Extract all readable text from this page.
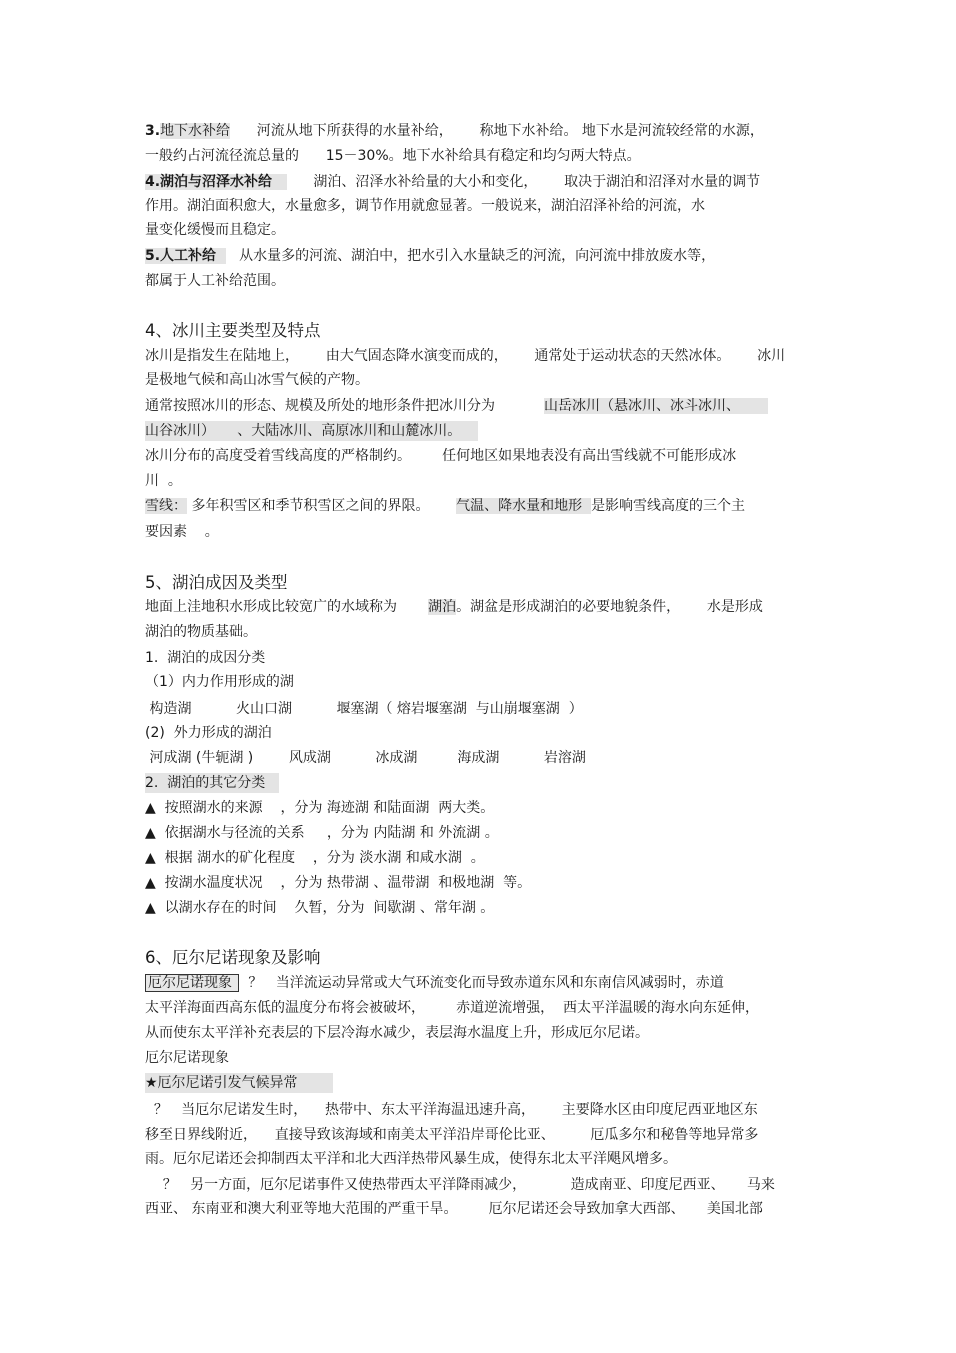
3.地下水补给      河流从地下所获得的水量补给，      称地下水补给。 地下水是河流较经常的水源，
一般约占河流径流总量的      15－30%。地下水补给具有稳定和均匀两大特点。
4.湖泊与沼泽水补给         湖泊、沼泽水补给量的大小和变化，      取决于湖泊和沼泽对水量的调节
作用。湖泊面积愈大，水量愈多，调节作用就愈显著。一般说来，湖泊沼泽补给的河流，水
量变化缓慢而且稳定。
5.人工补给     从水量多的河流、湖泊中，把水引入水量缺乏的河流，向河流中排放废水等，
都属于人工补给范围。
4、冰川主要类型及特点
冰川是指发生在陆地上，      由大气固态降水演变而成的，      通常处于运动状态的天然冰体。      冰川
是极地气候和高山冰雪气候的产物。
通常按照冰川的形态、规模及所处的地形条件把冰川分为           山岳冰川（悬冰川、冰斗冰川、
山谷冰川）     、大陆冰川、高原冰川和山麓冰川。
冰川分布的高度受着雪线高度的严格制约。       任何地区如果地表没有高出雪线就不可能形成冰
川  。
雪线： 多年积雪区和季节积雪区之间的界限。      气温、降水量和地形  是影响雪线高度的三个主
要因素    。
5、湖泊成因及类型
地面上洼地积水形成比较宽广的水域称为       湖泊。湖盆是形成湖泊的必要地貌条件，      水是形成
湖泊的物质基础。
1.  湖泊的成因分类
（1）内力作用形成的湖
构造湖          火山口湖          堰塞湖（ 熔岩堰塞湖  与山崩堰塞湖  ）
(2)  外力形成的湖泊
河成湖 (牛轭湖 )        风成湖          冰成湖         海成湖          岩溶湖
2.  湖泊的其它分类
▲  按照湖水的来源    ，分为 海迹湖 和陆面湖  两大类。
▲  依据湖水与径流的关系     ，分为 内陆湖 和 外流湖 。
▲  根据 湖水的矿化程度    ，分为 淡水湖 和咸水湖  。
▲  按湖水温度状况    ，分为 热带湖 、温带湖  和极地湖  等。
▲  以湖水存在的时间    久暂，分为  间歇湖 、常年湖 。
6、厄尔尼诺现象及影响
厄尔尼诺现象   ？   当洋流运动异常或大气环流变化而导致赤道东风和东南信风减弱时，赤道
太平洋海面西高东低的温度分布将会被破坏，       赤道逆流增强，  西太平洋温暖的海水向东延伸，
从而使东太平洋补充表层的下层冷海水减少，表层海水温度上升，形成厄尔尼诺。
厄尔尼诺现象
★厄尔尼诺引发气候异常
？   当厄尔尼诺发生时，    热带中、东太平洋海温迅速升高，      主要降水区由印度尼西亚地区东
移至日界线附近，    直接导致该海域和南美太平洋沿岸哥伦比亚、        厄瓜多尔和秘鲁等地异常多
雨。厄尔尼诺还会抑制西太平洋和北大西洋热带风暴生成，使得东北太平洋飓风增多。
？   另一方面，厄尔尼诺事件又使热带西太平洋降雨减少，          造成南亚、印度尼西亚、     马来
西亚、 东南亚和澳大利亚等地大范围的严重干旱。       厄尔尼诺还会导致加拿大西部、     美国北部
